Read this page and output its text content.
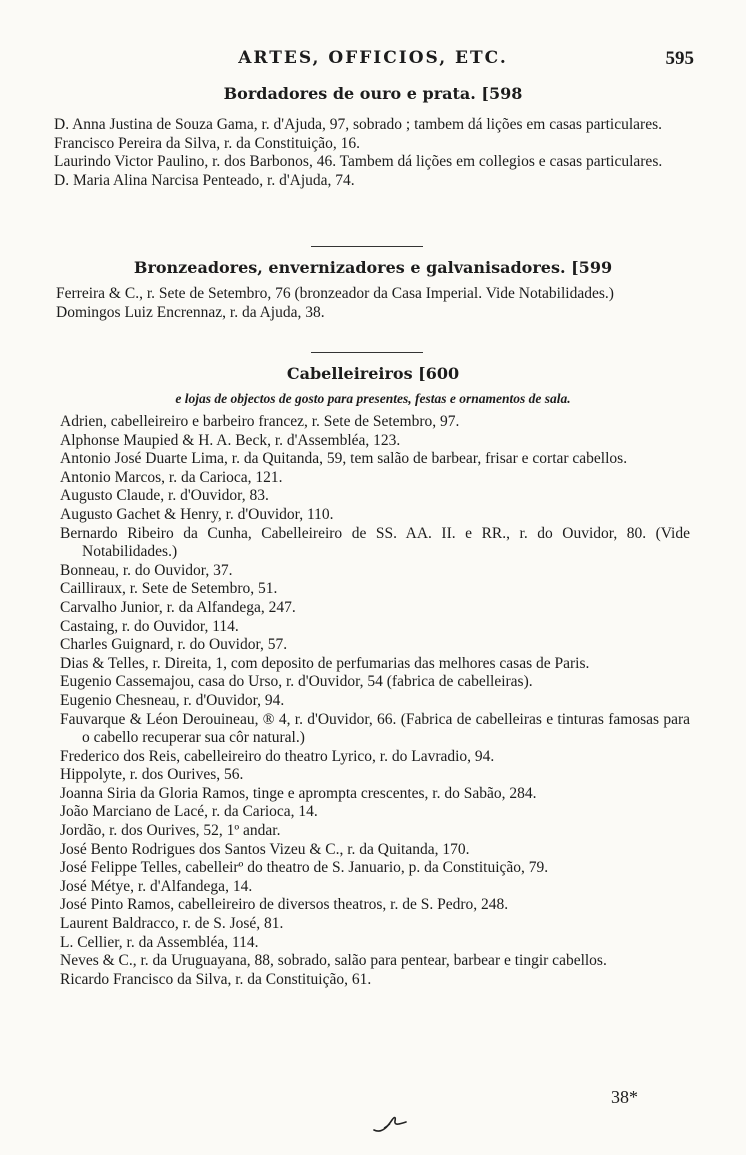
ARTES, OFFICIOS, ETC.	595
Bordadores de ouro e prata. [598
D. Anna Justina de Souza Gama, r. d'Ajuda, 97, sobrado ; tambem dá lições em casas particulares.
Francisco Pereira da Silva, r. da Constituição, 16.
Laurindo Victor Paulino, r. dos Barbonos, 46. Tambem dá lições em collegios e casas particulares.
D. Maria Alina Narcisa Penteado, r. d'Ajuda, 74.
Bronzeadores, envernizadores e galvanisadores. [599
Ferreira & C., r. Sete de Setembro, 76 (bronzeador da Casa Imperial. Vide Notabilidades.)
Domingos Luiz Encrennaz, r. da Ajuda, 38.
Cabelleireiros [600
e lojas de objectos de gosto para presentes, festas e ornamentos de sala.
Adrien, cabelleireiro e barbeiro francez, r. Sete de Setembro, 97.
Alphonse Maupied & H. A. Beck, r. d'Assembléa, 123.
Antonio José Duarte Lima, r. da Quitanda, 59, tem salão de barbear, frisar e cortar cabellos.
Antonio Marcos, r. da Carioca, 121.
Augusto Claude, r. d'Ouvidor, 83.
Augusto Gachet & Henry, r. d'Ouvidor, 110.
Bernardo Ribeiro da Cunha, Cabelleireiro de SS. AA. II. e RR., r. do Ouvidor, 80. (Vide Notabilidades.)
Bonneau, r. do Ouvidor, 37.
Cailliraux, r. Sete de Setembro, 51.
Carvalho Junior, r. da Alfandega, 247.
Castaing, r. do Ouvidor, 114.
Charles Guignard, r. do Ouvidor, 57.
Dias & Telles, r. Direita, 1, com deposito de perfumarias das melhores casas de Paris.
Eugenio Cassemajou, casa do Urso, r. d'Ouvidor, 54 (fabrica de cabelleiras).
Eugenio Chesneau, r. d'Ouvidor, 94.
Fauvarque & Léon Derouineau, ® 4, r. d'Ouvidor, 66. (Fabrica de cabelleiras e tinturas famosas para o cabello recuperar sua côr natural.)
Frederico dos Reis, cabelleireiro do theatro Lyrico, r. do Lavradio, 94.
Hippolyte, r. dos Ourives, 56.
Joanna Siria da Gloria Ramos, tinge e apromptа crescentes, r. do Sabão, 284.
João Marciano de Lacé, r. da Carioca, 14.
Jordão, r. dos Ourives, 52, 1º andar.
José Bento Rodrigues dos Santos Vizeu & C., r. da Quitanda, 170.
José Felippe Telles, cabelleirº do theatro de S. Januario, p. da Constituição, 79.
José Métye, r. d'Alfandega, 14.
José Pinto Ramos, cabelleireiro de diversos theatros, r. de S. Pedro, 248.
Laurent Baldracco, r. de S. José, 81.
L. Cellier, r. da Assembléa, 114.
Neves & C., r. da Uruguayana, 88, sobrado, salão para pentear, barbear e tingir cabellos.
Ricardo Francisco da Silva, r. da Constituição, 61.
38*
